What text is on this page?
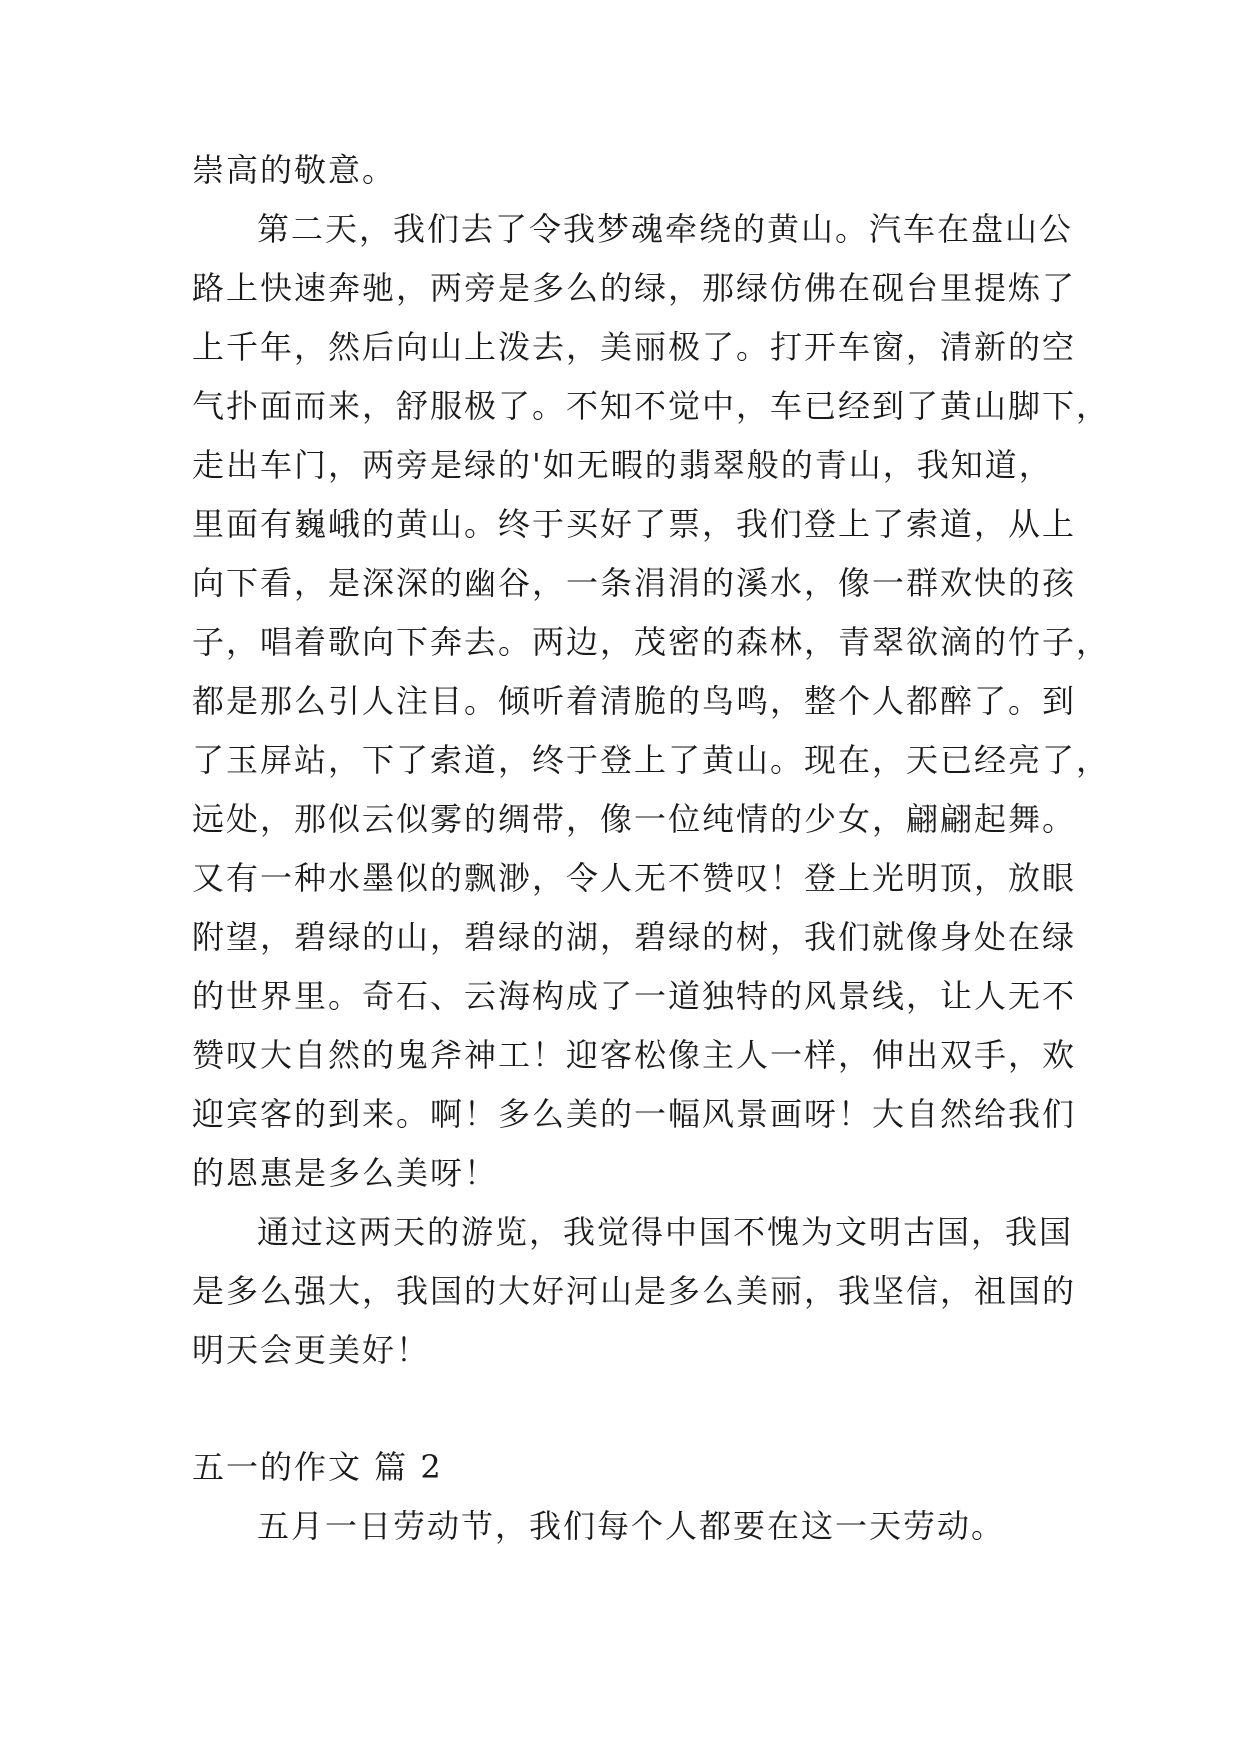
崇高的敬意。
第二天，我们去了令我梦魂牵绕的黄山。汽车在盘山公
路上快速奔驰，两旁是多么的绿，那绿仿佛在砚台里提炼了
上千年，然后向山上泼去，美丽极了。打开车窗，清新的空
气扑面而来，舒服极了。不知不觉中，车已经到了黄山脚下，
走出车门，两旁是绿的'如无暇的翡翠般的青山，我知道，
里面有巍峨的黄山。终于买好了票，我们登上了索道，从上
向下看，是深深的幽谷，一条涓涓的溪水，像一群欢快的孩
子，唱着歌向下奔去。两边，茂密的森林，青翠欲滴的竹子，
都是那么引人注目。倾听着清脆的鸟鸣，整个人都醉了。到
了玉屏站，下了索道，终于登上了黄山。现在，天已经亮了，
远处，那似云似雾的绸带，像一位纯情的少女，翩翩起舞。
又有一种水墨似的飘渺，令人无不赞叹！登上光明顶，放眼
附望，碧绿的山，碧绿的湖，碧绿的树，我们就像身处在绿
的世界里。奇石、云海构成了一道独特的风景线，让人无不
赞叹大自然的鬼斧神工！迎客松像主人一样，伸出双手，欢
迎宾客的到来。啊！多么美的一幅风景画呀！大自然给我们
的恩惠是多么美呀！
通过这两天的游览，我觉得中国不愧为文明古国，我国
是多么强大，我国的大好河山是多么美丽，我坚信，祖国的
明天会更美好！
五一的作文 篇 2
五月一日劳动节，我们每个人都要在这一天劳动。
